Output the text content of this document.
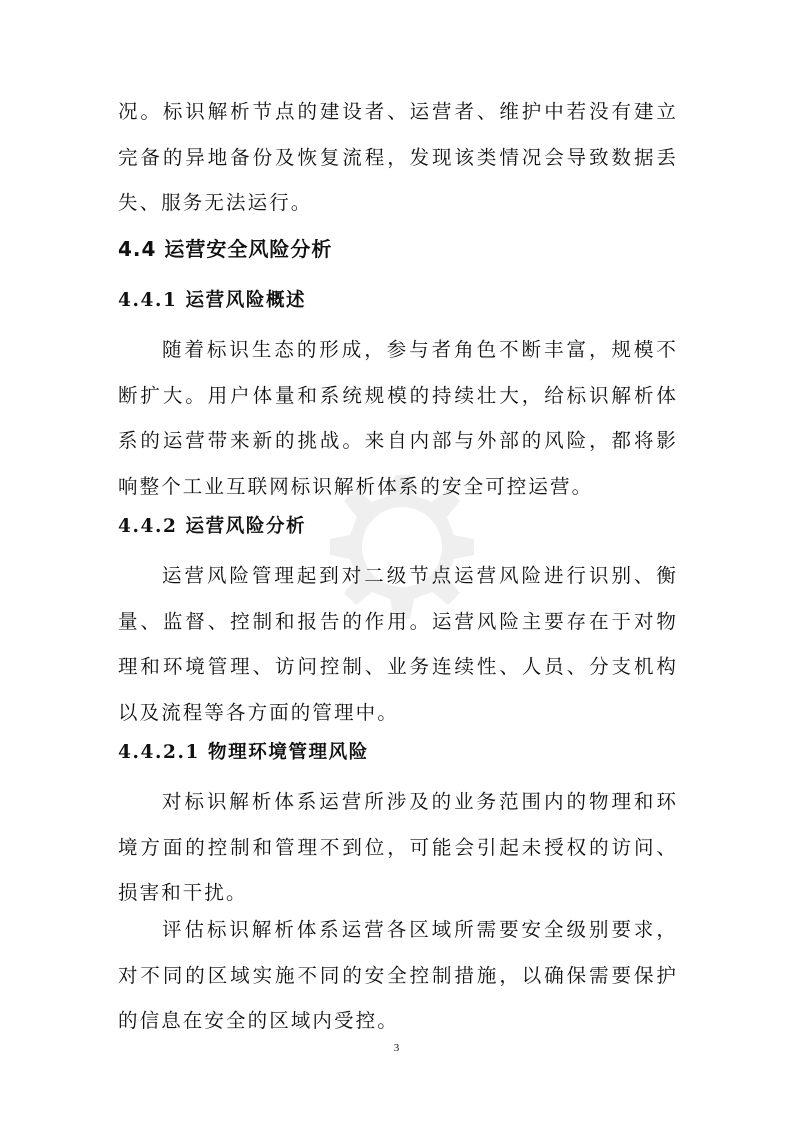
况。标识解析节点的建设者、运营者、维护中若没有建立完备的异地备份及恢复流程，发现该类情况会导致数据丢失、服务无法运行。

4.4 运营安全风险分析
4.4.1 运营风险概述

随着标识生态的形成，参与者角色不断丰富，规模不断扩大。用户体量和系统规模的持续壮大，给标识解析体系的运营带来新的挑战。来自内部与外部的风险，都将影响整个工业互联网标识解析体系的安全可控运营。

4.4.2 运营风险分析

运营风险管理起到对二级节点运营风险进行识别、衡量、监督、控制和报告的作用。运营风险主要存在于对物理和环境管理、访问控制、业务连续性、人员、分支机构以及流程等各方面的管理中。

4.4.2.1 物理环境管理风险

对标识解析体系运营所涉及的业务范围内的物理和环境方面的控制和管理不到位，可能会引起未授权的访问、损害和干扰。

评估标识解析体系运营各区域所需要安全级别要求，对不同的区域实施不同的安全控制措施，以确保需要保护的信息在安全的区域内受控。

3
